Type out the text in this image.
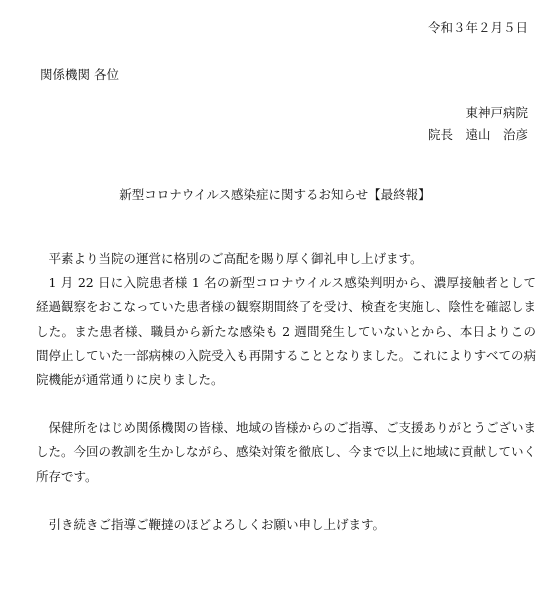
令和３年２月５日
関係機関 各位
東神戸病院
院長　遠山　治彦
新型コロナウイルス感染症に関するお知らせ【最終報】

平素より当院の運営に格別のご高配を賜り厚く御礼申し上げます。

1 月 22 日に入院患者様 1 名の新型コロナウイルス感染判明から、濃厚接触者として経過観察をおこなっていた患者様の観察期間終了を受け、検査を実施し、陰性を確認しました。また患者様、職員から新たな感染も 2 週間発生していないとから、本日よりこの間停止していた一部病棟の入院受入も再開することとなりました。これによりすべての病院機能が通常通りに戻りました。

保健所をはじめ関係機関の皆様、地域の皆様からのご指導、ご支援ありがとうございました。今回の教訓を生かしながら、感染対策を徹底し、今まで以上に地域に貢献していく所存です。

引き続きご指導ご鞭撻のほどよろしくお願い申し上げます。
